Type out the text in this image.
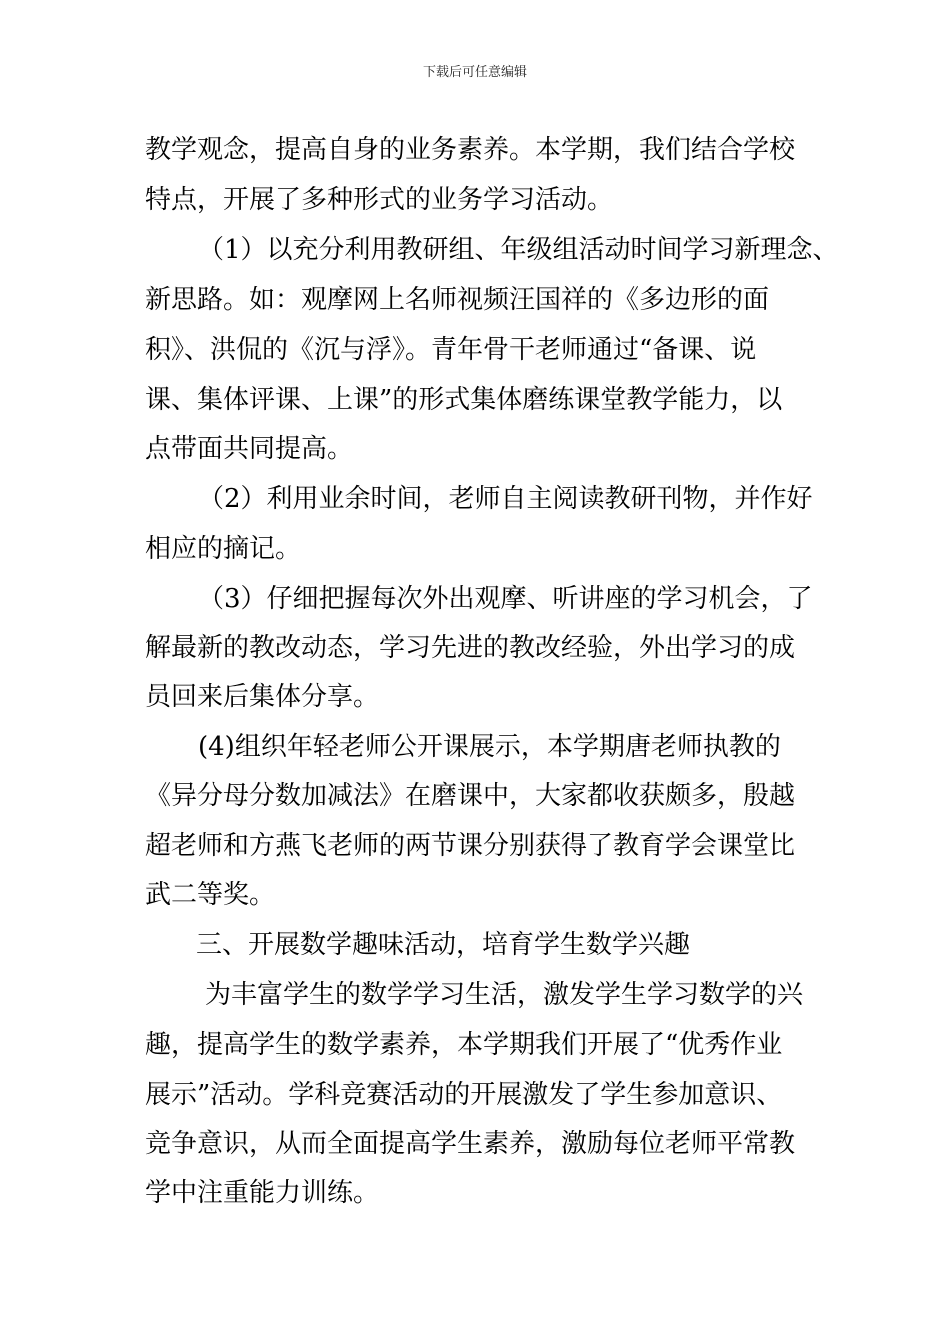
下载后可任意编辑
教学观念，提高自身的业务素养。本学期，我们结合学校
特点，开展了多种形式的业务学习活动。
（1）以充分利用教研组、年级组活动时间学习新理念、
新思路。如：观摩网上名师视频汪国祥的《多边形的面
积》、洪侃的《沉与浮》。青年骨干老师通过“备课、说
课、集体评课、上课”的形式集体磨练课堂教学能力，以
点带面共同提高。
（2）利用业余时间，老师自主阅读教研刊物，并作好
相应的摘记。
（3）仔细把握每次外出观摩、听讲座的学习机会，了
解最新的教改动态，学习先进的教改经验，外出学习的成
员回来后集体分享。
(4)组织年轻老师公开课展示，本学期唐老师执教的
《异分母分数加减法》在磨课中，大家都收获颇多，殷越
超老师和方燕飞老师的两节课分别获得了教育学会课堂比
武二等奖。
三、开展数学趣味活动，培育学生数学兴趣
为丰富学生的数学学习生活，激发学生学习数学的兴
趣，提高学生的数学素养，本学期我们开展了“优秀作业
展示”活动。学科竞赛活动的开展激发了学生参加意识、
竞争意识，从而全面提高学生素养，激励每位老师平常教
学中注重能力训练。
